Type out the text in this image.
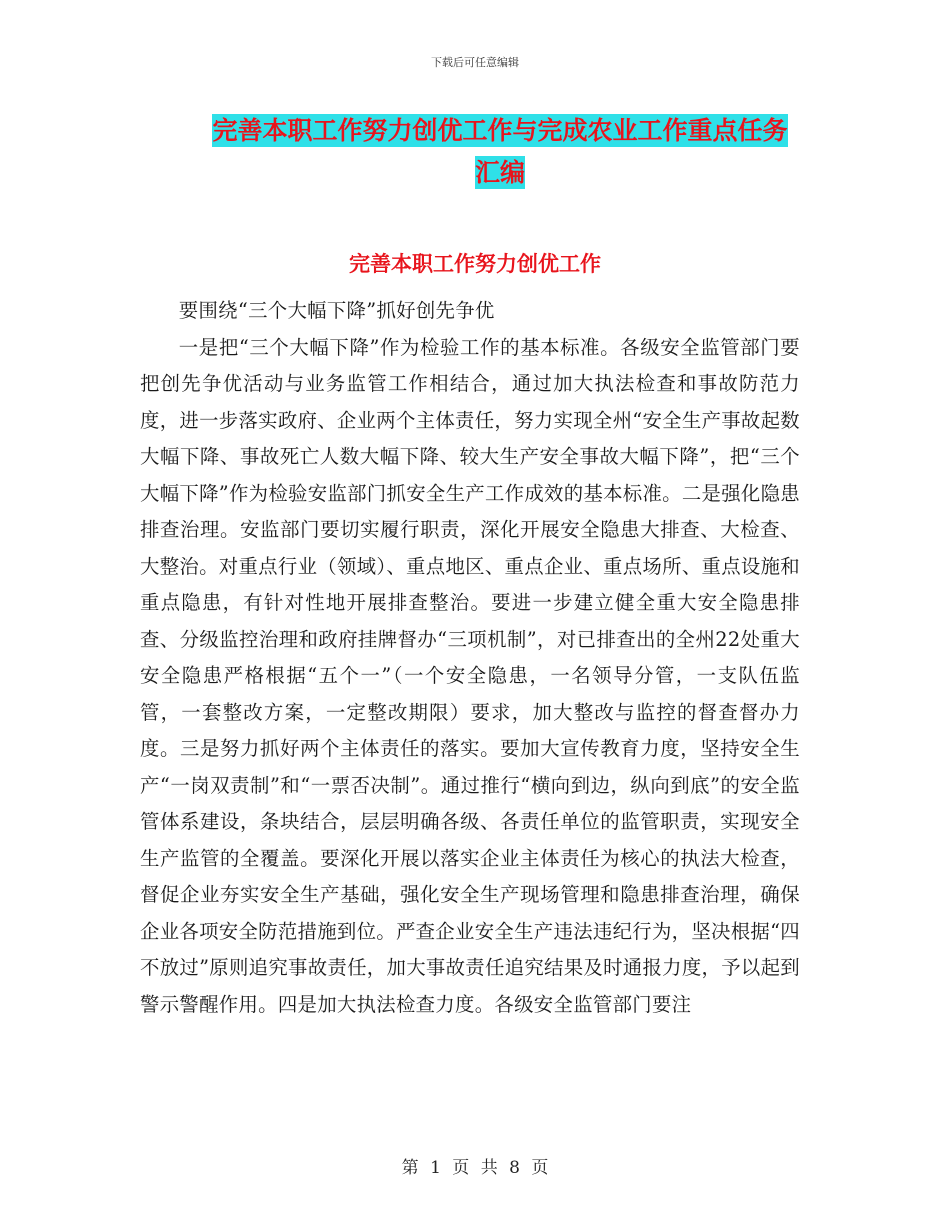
下载后可任意编辑
完善本职工作努力创优工作与完成农业工作重点任务
汇编
完善本职工作努力创优工作

要围绕“三个大幅下降”抓好创先争优

一是把“三个大幅下降”作为检验工作的基本标准。各级安全监管部门要把创先争优活动与业务监管工作相结合，通过加大执法检查和事故防范力度，进一步落实政府、企业两个主体责任，努力实现全州“安全生产事故起数大幅下降、事故死亡人数大幅下降、较大生产安全事故大幅下降”，把“三个大幅下降”作为检验安监部门抓安全生产工作成效的基本标准。二是强化隐患排查治理。安监部门要切实履行职责，深化开展安全隐患大排查、大检查、大整治。对重点行业（领域）、重点地区、重点企业、重点场所、重点设施和重点隐患，有针对性地开展排查整治。要进一步建立健全重大安全隐患排查、分级监控治理和政府挂牌督办“三项机制”，对已排查出的全州22处重大安全隐患严格根据“五个一”（一个安全隐患，一名领导分管，一支队伍监管，一套整改方案，一定整改期限）要求，加大整改与监控的督查督办力度。三是努力抓好两个主体责任的落实。要加大宣传教育力度，坚持安全生产“一岗双责制”和“一票否决制”。通过推行“横向到边，纵向到底”的安全监管体系建设，条块结合，层层明确各级、各责任单位的监管职责，实现安全生产监管的全覆盖。要深化开展以落实企业主体责任为核心的执法大检查，督促企业夯实安全生产基础，强化安全生产现场管理和隐患排查治理，确保企业各项安全防范措施到位。严查企业安全生产违法违纪行为，坚决根据“四不放过”原则追究事故责任，加大事故责任追究结果及时通报力度，予以起到警示警醒作用。四是加大执法检查力度。各级安全监管部门要注

第 1 页 共 8 页
